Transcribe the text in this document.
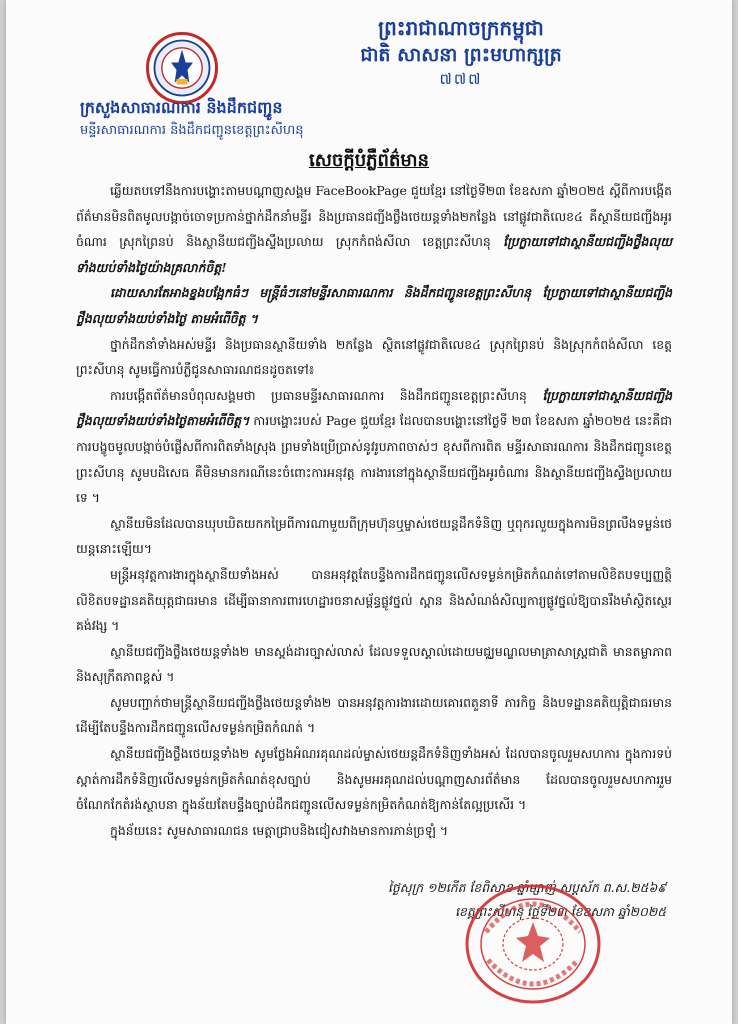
ព្រះរាជាណាចក្រកម្ពុជា
ជាតិ សាសនា ព្រះមហាក្សត្រ
៧៧៧
ក្រសួងសាធារណការ និងដឹកជញ្ជូន
មន្ទីរសាធារណការ និងដឹកជញ្ជូនខេត្តព្រះសីហនុ
សេចក្តីបំភ្លឺព័ត៌មាន

ឆ្លើយតបទៅនឹងការបង្ហោះតាមបណ្តាញសង្គម FaceBookPage ជួយខ្មែរ នៅថ្ងៃទី២៣ ខែឧសភា ឆ្នាំ២០២៥ ស្តីពីការបង្កើតព័ត៌មានមិនពិតមូលបង្កាច់ចោទប្រកាន់ថ្នាក់ដឹកនាំមន្ទីរ និងប្រធានជញ្ជីងថ្លឹងថេយន្តទាំង២កន្លែង នៅផ្លូវជាតិលេខ៤ គឺស្ថានីយជញ្ជីងអូរចំណារ ស្រុកព្រៃនប់ និងស្ថានីយជញ្ជីងស្ទឹងប្រលាយ ស្រុកកំពង់សីលា ខេត្តព្រះសីហនុ ប្រែក្លាយទៅជាស្ថានីយជញ្ជីងថ្លឹងលុយ ទាំងយប់ទាំងថ្ងៃយ៉ាងគ្រលាក់ចិត្ត!

ដោយសារតែអាងខ្នងបង្អែកធំៗ មន្ត្រីធំៗនៅមន្ទីរសាធារណការ និងដឹកជញ្ជូនខេត្តព្រះសីហនុ ប្រែក្លាយទៅជាស្ថានីយជញ្ជីងថ្លឹងលុយទាំងយប់ទាំងថ្ងៃ តាមអំពើចិត្ត ។

ថ្នាក់ដឹកនាំទាំងអស់មន្ទីរ និងប្រធានស្ថានីយទាំង ២កន្លែង ស្ថិតនៅផ្លូវជាតិលេខ៤ ស្រុកព្រៃនប់ និងស្រុកកំពង់សីលា ខេត្តព្រះសីហនុ សូមធ្វើការបំភ្លឺជូនសាធារណជនដូចតទៅ៖

ការបង្កើតព័ត៌មានបំពុលសង្គមថា ប្រធានមន្ទីរសាធារណការ និងដឹកជញ្ជូនខេត្តព្រះសីហនុ ប្រែក្លាយទៅជាស្ថានីយជញ្ជីងថ្លឹងលុយទាំងយប់ទាំងថ្ងៃតាមអំពើចិត្ត។ ការបង្ហោះរបស់ Page ជួយខ្មែរ ដែលបានបង្ហោះនៅថ្ងៃទី ២៣ ខែឧសភា ឆ្នាំ២០២៥ នេះគឺជាការបង្ខូចមូលបង្កាច់បំផ្លើសពីការពិតទាំងស្រុង ព្រមទាំងប្រើប្រាស់នូវរូបភាពចាស់ៗ ខុសពីការពិត មន្ទីរសាធារណការ និងដឹកជញ្ជូនខេត្តព្រះសីហនុ សូមបដិសេធ គឺមិនមានករណីនេះចំពោះការអនុវត្ត ការងារនៅក្នុងស្ថានីយជញ្ជីងអូរចំណារ និងស្ថានីយជញ្ជីងស្ទឹងប្រលាយទេ ។

ស្ថានីយមិនដែលបានឃុបឃិតយកកម្រៃពីការណាមួយពីក្រុមហ៊ុនឬម្ចាស់ថេយន្តដឹកទំនិញ ឬពុករលួយក្នុងការមិនព្រលឹងទម្ងន់ថេយន្តនោះឡើយ។

មន្ត្រីអនុវត្តការងារក្នុងស្ថានីយទាំងអស់ បានអនុវត្តតែបន្ទឹងការដឹកជញ្ជូនលើសទម្ងន់កម្រិតកំណត់ទៅតាមលិខិតបទប្បញ្ញត្តិ លិខិតបទដ្ឋានគតិយុត្តជាធរមាន ដើម្បីធានាការពារហេដ្ឋារចនាសម្ព័ន្ធផ្លូវថ្នល់ ស្ពាន និងសំណង់សិល្បការ្យផ្លូវថ្នល់ឱ្យបានរឹងមាំស្ថិតស្ថេរគង់វង្ស ។

ស្ថានីយជញ្ជីងថ្លឹងថេយន្តទាំង២ មានស្តង់ដារច្បាស់លាស់ ដែលទទួលស្គាល់ដោយមជ្ឈមណ្ឌលមាត្រាសាស្ត្រជាតិ មានតម្លាភាព និងសុក្រឹតភាពខ្ពស់ ។

សូមបញ្ជាក់ថាមន្ត្រីស្ថានីយជញ្ជីងថ្លឹងថេយន្តទាំង២ បានអនុវត្តការងារដោយគោរពតួនាទី ភារកិច្ច និងបទដ្ឋានគតិយុត្តិជាធរមាន ដើម្បីតែបន្ទឹងការដឹកជញ្ជូនលើសទម្ងន់កម្រិតកំណត់ ។

ស្ថានីយជញ្ជីងថ្លឹងថេយន្តទាំង២ សូមថ្លែងអំណរគុណដល់ម្ចាស់ថេយន្តដឹកទំនិញទាំងអស់ ដែលបានចូលរួមសហការ ក្នុងការទប់ស្កាត់ការដឹកទំនិញលើសទម្ងន់កម្រិតកំណត់ខុសច្បាប់ និងសូមអរគុណដល់បណ្តាញសារព័ត៌មាន ដែលបានចូលរួមសហការរួមចំណែកកែតំរង់ស្ថាបនា ក្នុងន័យតែបន្ទឹងច្បាប់ដឹកជញ្ជូនលើសទម្ងន់កម្រិតកំណត់ឱ្យកាន់តែល្អប្រសើរ ។

ក្នុងន័យនេះ សូមសាធារណជន មេត្តាជ្រាបនិងជៀសវាងមានការភាន់ច្រឡំ ។

ថ្ងៃសុក្រ ១២កើត ខែពិសាខ ឆ្នាំម្សាញ់ សប្តស័ក ព.ស.២៥៦៩
ខេត្តព្រះសីហនុ ថ្ងៃទី២៣ ខែឧសភា ឆ្នាំ២០២៥
